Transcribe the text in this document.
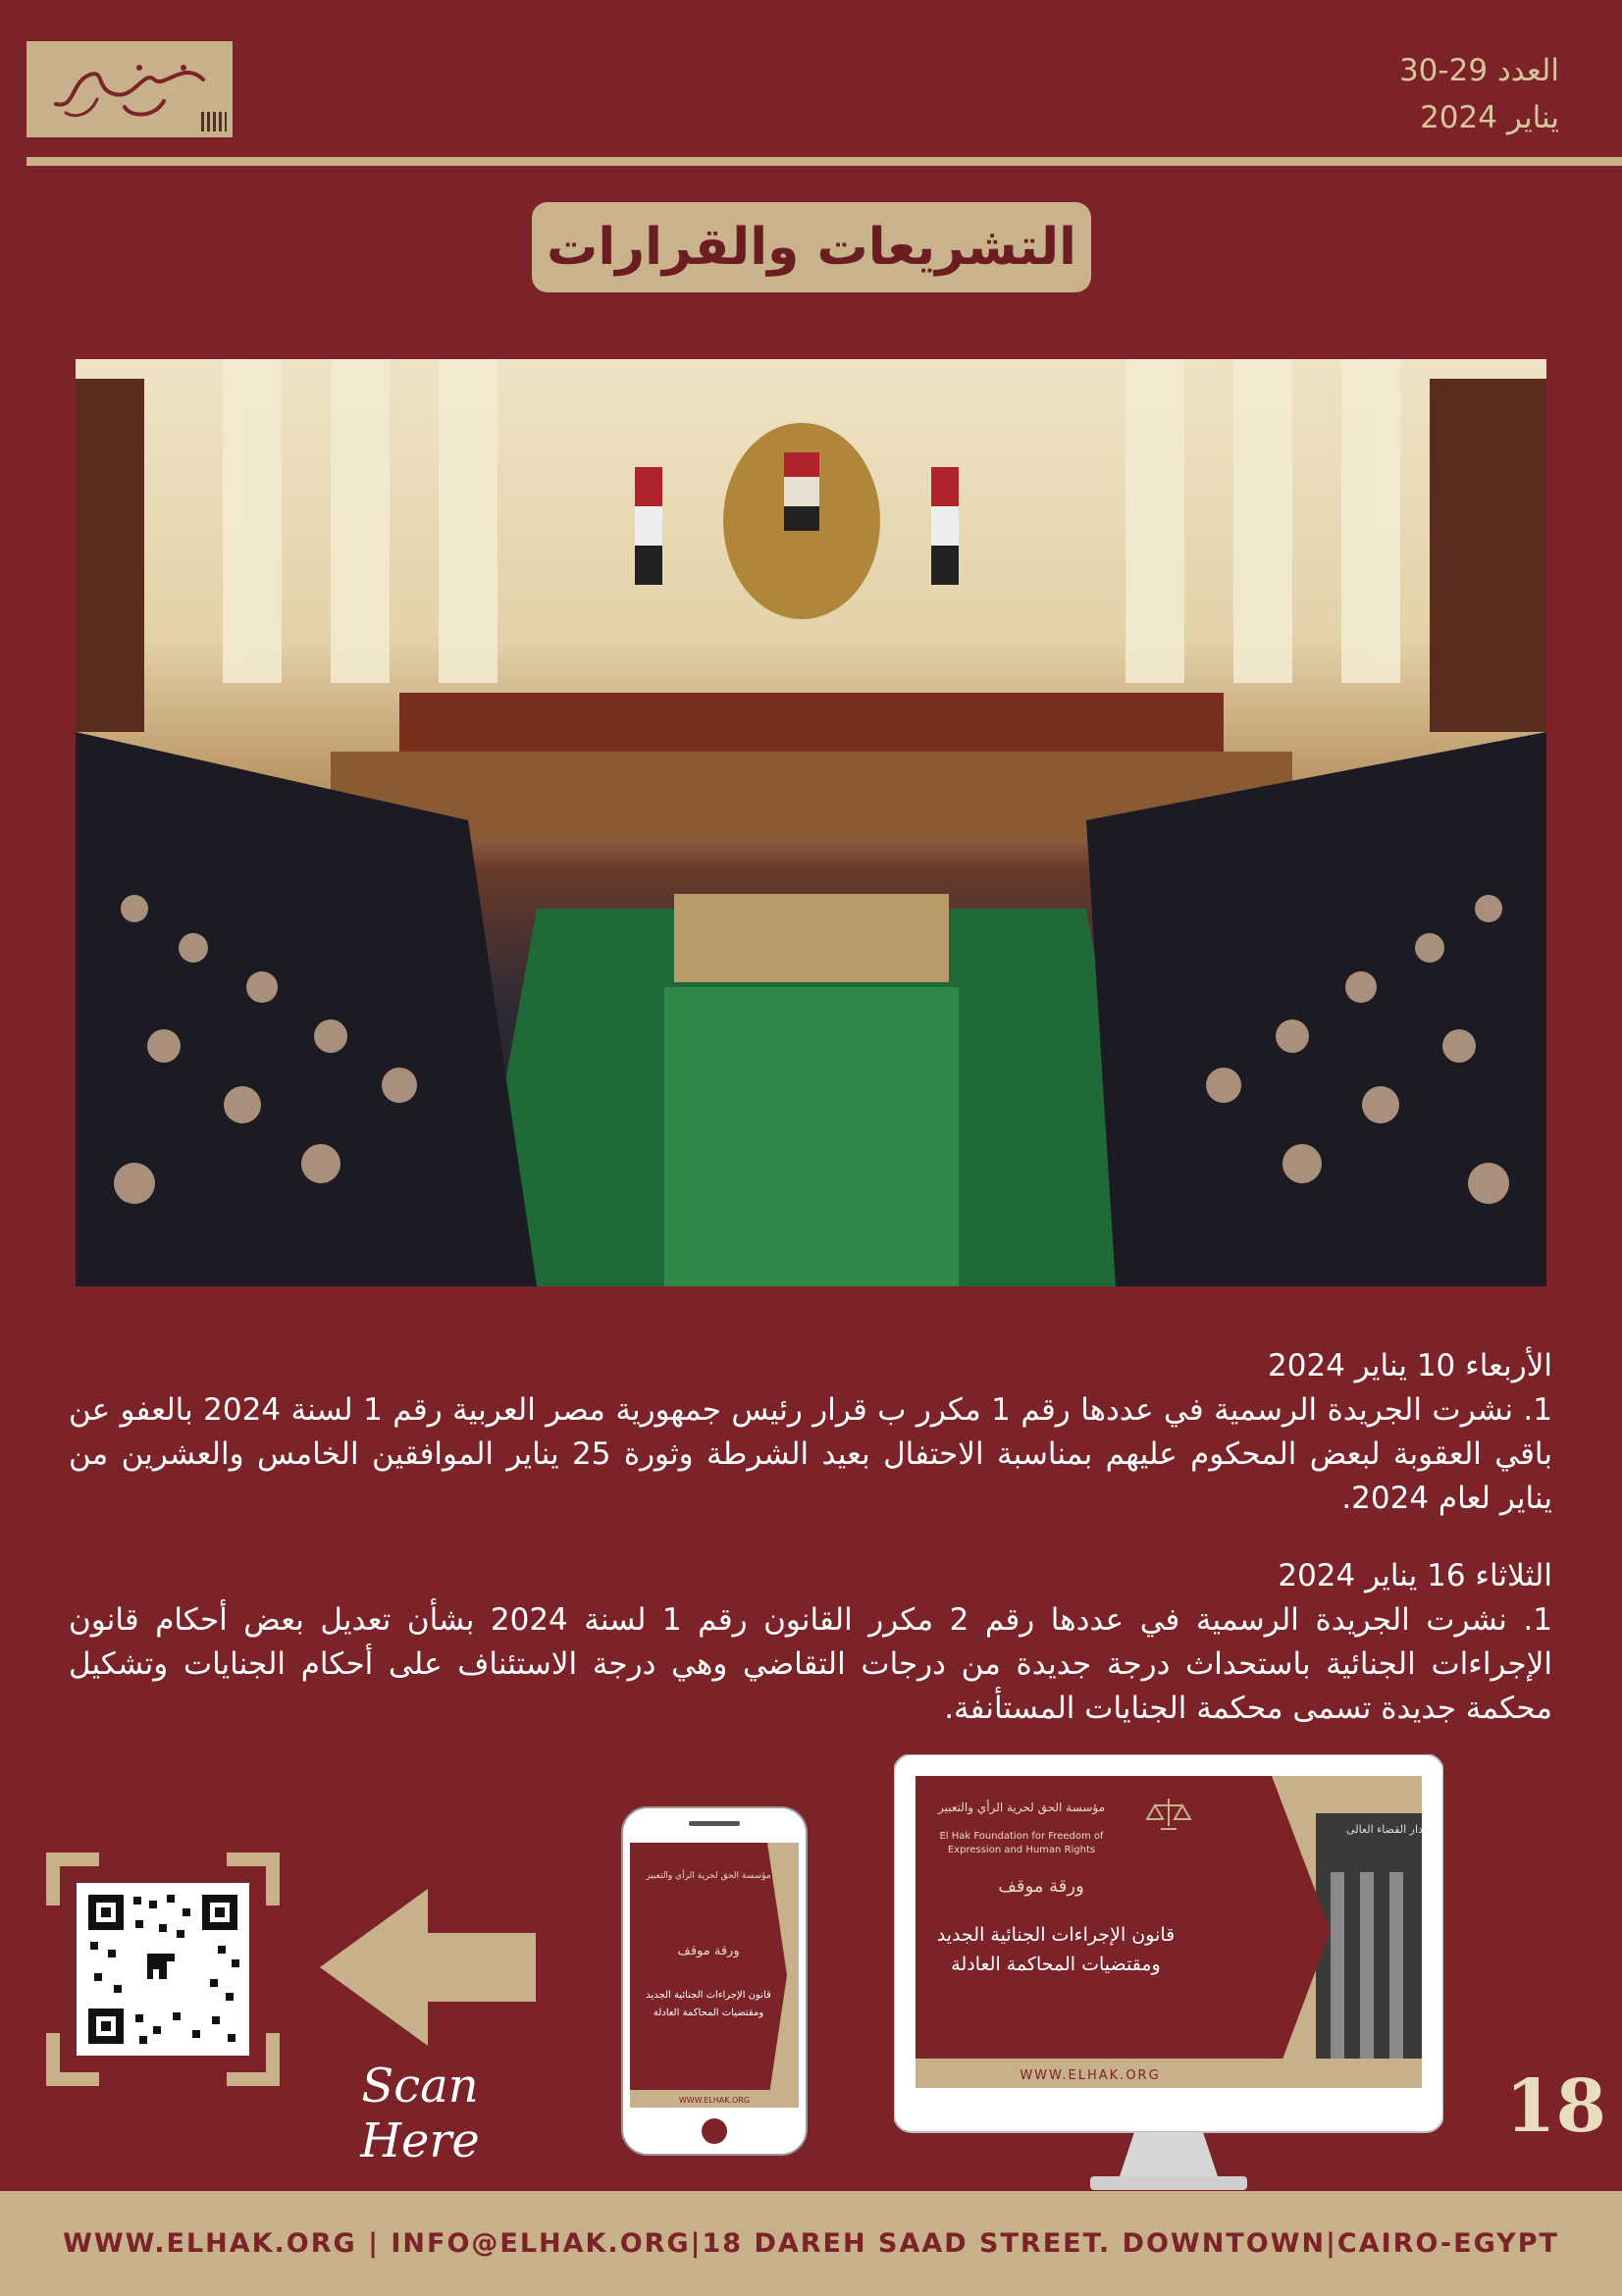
العدد 29-30
يناير 2024
التشريعات والقرارات
الأربعاء 10 يناير 2024

1. نشرت الجريدة الرسمية في عددها رقم 1 مكرر ب قرار رئيس جمهورية مصر العربية رقم 1 لسنة 2024 بالعفو عن باقي العقوبة لبعض المحكوم عليهم بمناسبة الاحتفال بعيد الشرطة وثورة 25 يناير الموافقين الخامس والعشرين من يناير لعام 2024.

الثلاثاء 16 يناير 2024

1. نشرت الجريدة الرسمية في عددها رقم 2 مكرر القانون رقم 1 لسنة 2024 بشأن تعديل بعض أحكام قانون الإجراءات الجنائية باستحداث درجة جديدة من درجات التقاضي وهي درجة الاستئناف على أحكام الجنايات وتشكيل محكمة جديدة تسمى محكمة الجنايات المستأنفة.

Scan Here
مؤسسة الحق لحرية الرأي والتعبير
ورقة موقف
قانون الإجراءات الجنائية الجديد
ومقتضيات المحاكمة العادلة
WWW.ELHAK.ORG
مؤسسة الحق لحرية الرأي والتعبير
El Hak Foundation for Freedom of
Expression and Human Rights
ورقة موقف
قانون الإجراءات الجنائية الجديد
ومقتضيات المحاكمة العادلة
WWW.ELHAK.ORG
دار القضاء العالى
18
WWW.ELHAK.ORG | INFO@ELHAK.ORG|18 DAREH SAAD STREET. DOWNTOWN|CAIRO-EGYPT
